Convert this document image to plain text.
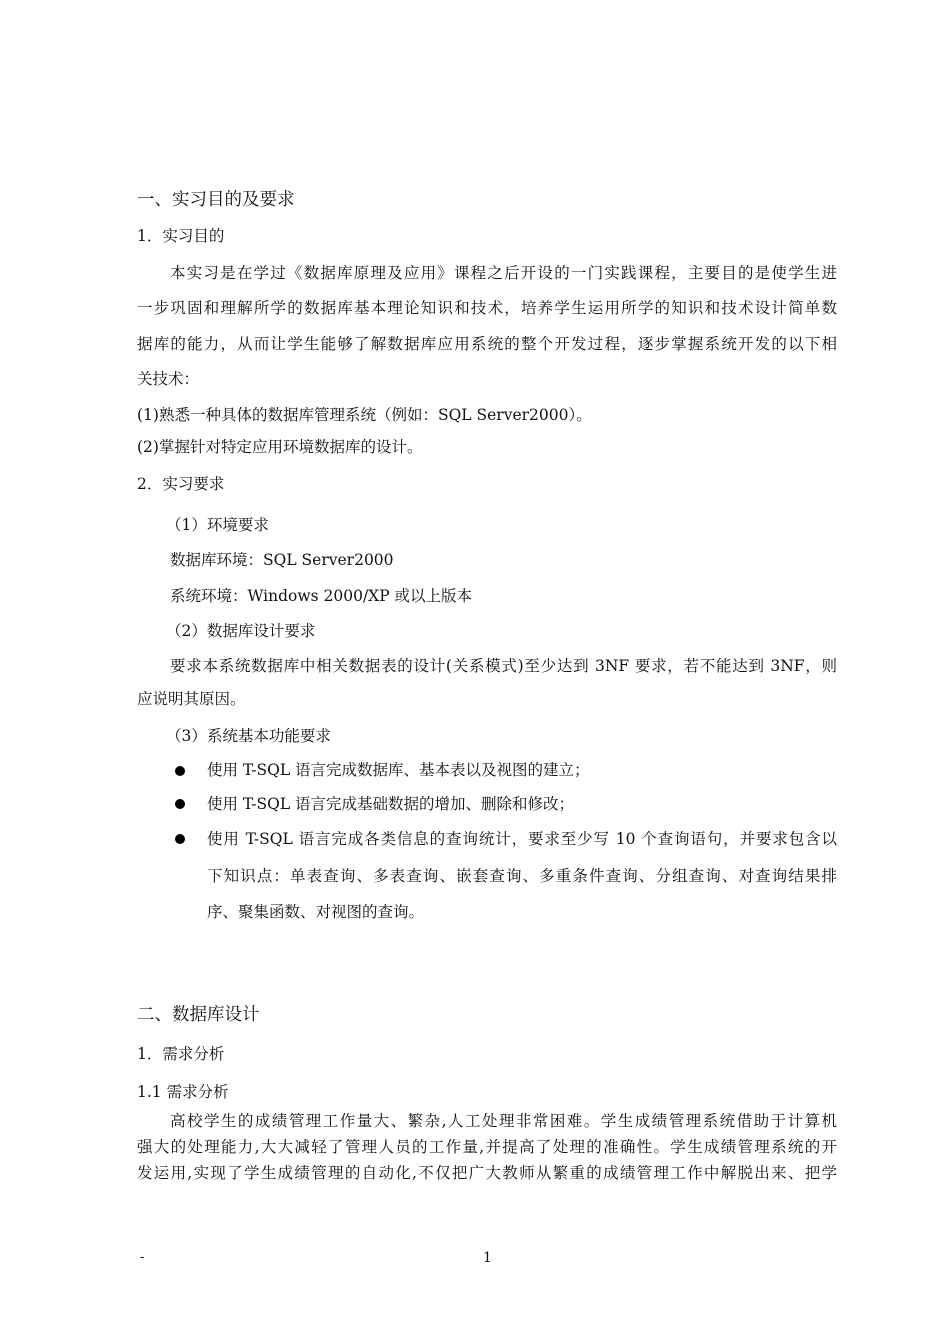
一、实习目的及要求
1．实习目的
本实习是在学过《数据库原理及应用》课程之后开设的一门实践课程，主要目的是使学生进
一步巩固和理解所学的数据库基本理论知识和技术，培养学生运用所学的知识和技术设计简单数
据库的能力，从而让学生能够了解数据库应用系统的整个开发过程，逐步掌握系统开发的以下相
关技术：
(1)熟悉一种具体的数据库管理系统（例如：SQL Server2000）。
(2)掌握针对特定应用环境数据库的设计。
2．实习要求
（1）环境要求
数据库环境：SQL Server2000
系统环境：Windows 2000/XP 或以上版本
（2）数据库设计要求
要求本系统数据库中相关数据表的设计(关系模式)至少达到 3NF 要求，若不能达到 3NF，则
应说明其原因。
（3）系统基本功能要求
使用 T-SQL 语言完成数据库、基本表以及视图的建立；
使用 T-SQL 语言完成基础数据的增加、删除和修改；
使用 T-SQL 语言完成各类信息的查询统计，要求至少写 10 个查询语句，并要求包含以
下知识点：单表查询、多表查询、嵌套查询、多重条件查询、分组查询、对查询结果排
序、聚集函数、对视图的查询。
二、数据库设计
1．需求分析
1.1 需求分析
高校学生的成绩管理工作量大、繁杂,人工处理非常困难。学生成绩管理系统借助于计算机
强大的处理能力,大大减轻了管理人员的工作量,并提高了处理的准确性。学生成绩管理系统的开
发运用,实现了学生成绩管理的自动化,不仅把广大教师从繁重的成绩管理工作中解脱出来、把学
-	1
